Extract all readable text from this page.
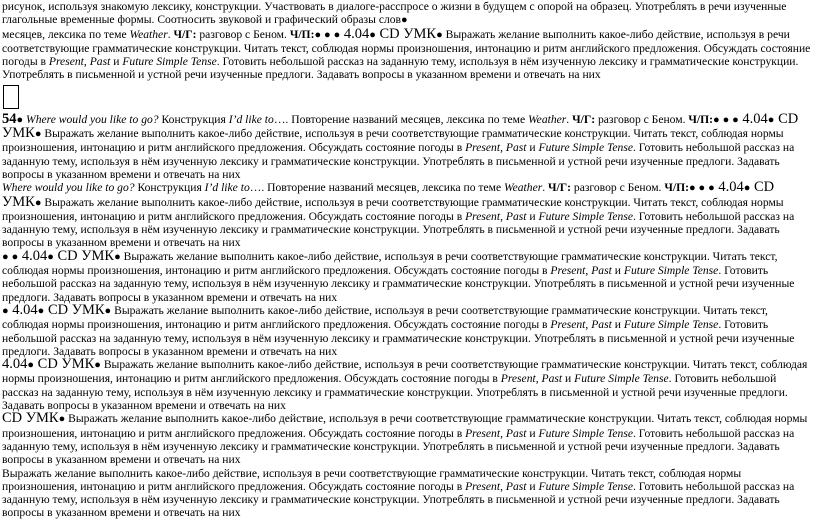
рисунок, используя знакомую лексику, конструкции. Участвовать в диалоге-расспросе о жизни в будущем с опорой на образец. Употреблять в речи изученные глагольные временные формы. Соотносить звуковой и графический образы слов●
месяцев, лексика по теме Weather. Ч/Г: разговор с Беном. Ч/П:● ● ● 4.04● CD УМК● Выражать желание выполнить какое-либо действие, используя в речи соответствующие грамматические конструкции. Читать текст, соблюдая нормы произношения, интонацию и ритм английского предложения. Обсуждать состояние погоды в Present, Past и Future Simple Tense. Готовить небольшой рассказ на заданную тему, используя в нём изученную лексику и грамматические конструкции. Употреблять в письменной и устной речи изученные предлоги. Задавать вопросы в указанном времени и отвечать на них

54● Where would you like to go? Конструкция I’d like to…. Повторение названий месяцев, лексика по теме Weather. Ч/Г: разговор с Беном. Ч/П:● ● ● 4.04● CD УМК● Выражать желание выполнить какое-либо действие, используя в речи соответствующие грамматические конструкции. Читать текст, соблюдая нормы произношения, интонацию и ритм английского предложения. Обсуждать состояние погоды в Present, Past и Future Simple Tense. Готовить небольшой рассказ на заданную тему, используя в нём изученную лексику и грамматические конструкции. Употреблять в письменной и устной речи изученные предлоги. Задавать вопросы в указанном времени и отвечать на них

Where would you like to go? Конструкция I’d like to…. Повторение названий месяцев, лексика по теме Weather. Ч/Г: разговор с Беном. Ч/П:● ● ● 4.04● CD УМК● Выражать желание выполнить какое-либо действие, используя в речи соответствующие грамматические конструкции. Читать текст, соблюдая нормы произношения, интонацию и ритм английского предложения. Обсуждать состояние погоды в Present, Past и Future Simple Tense. Готовить небольшой рассказ на заданную тему, используя в нём изученную лексику и грамматические конструкции. Употреблять в письменной и устной речи изученные предлоги. Задавать вопросы в указанном времени и отвечать на них

● ● 4.04● CD УМК● Выражать желание выполнить какое-либо действие, используя в речи соответствующие грамматические конструкции. Читать текст, соблюдая нормы произношения, интонацию и ритм английского предложения. Обсуждать состояние погоды в Present, Past и Future Simple Tense. Готовить небольшой рассказ на заданную тему, используя в нём изученную лексику и грамматические конструкции. Употреблять в письменной и устной речи изученные предлоги. Задавать вопросы в указанном времени и отвечать на них

● 4.04● CD УМК● Выражать желание выполнить какое-либо действие, используя в речи соответствующие грамматические конструкции. Читать текст, соблюдая нормы произношения, интонацию и ритм английского предложения. Обсуждать состояние погоды в Present, Past и Future Simple Tense. Готовить небольшой рассказ на заданную тему, используя в нём изученную лексику и грамматические конструкции. Употреблять в письменной и устной речи изученные предлоги. Задавать вопросы в указанном времени и отвечать на них

4.04● CD УМК● Выражать желание выполнить какое-либо действие, используя в речи соответствующие грамматические конструкции. Читать текст, соблюдая нормы произношения, интонацию и ритм английского предложения. Обсуждать состояние погоды в Present, Past и Future Simple Tense. Готовить небольшой рассказ на заданную тему, используя в нём изученную лексику и грамматические конструкции. Употреблять в письменной и устной речи изученные предлоги. Задавать вопросы в указанном времени и отвечать на них

CD УМК● Выражать желание выполнить какое-либо действие, используя в речи соответствующие грамматические конструкции. Читать текст, соблюдая нормы произношения, интонацию и ритм английского предложения. Обсуждать состояние погоды в Present, Past и Future Simple Tense. Готовить небольшой рассказ на заданную тему, используя в нём изученную лексику и грамматические конструкции. Употреблять в письменной и устной речи изученные предлоги. Задавать вопросы в указанном времени и отвечать на них

Выражать желание выполнить какое-либо действие, используя в речи соответствующие грамматические конструкции. Читать текст, соблюдая нормы произношения, интонацию и ритм английского предложения. Обсуждать состояние погоды в Present, Past и Future Simple Tense. Готовить небольшой рассказ на заданную тему, используя в нём изученную лексику и грамматические конструкции. Употреблять в письменной и устной речи изученные предлоги. Задавать вопросы в указанном времени и отвечать на них
